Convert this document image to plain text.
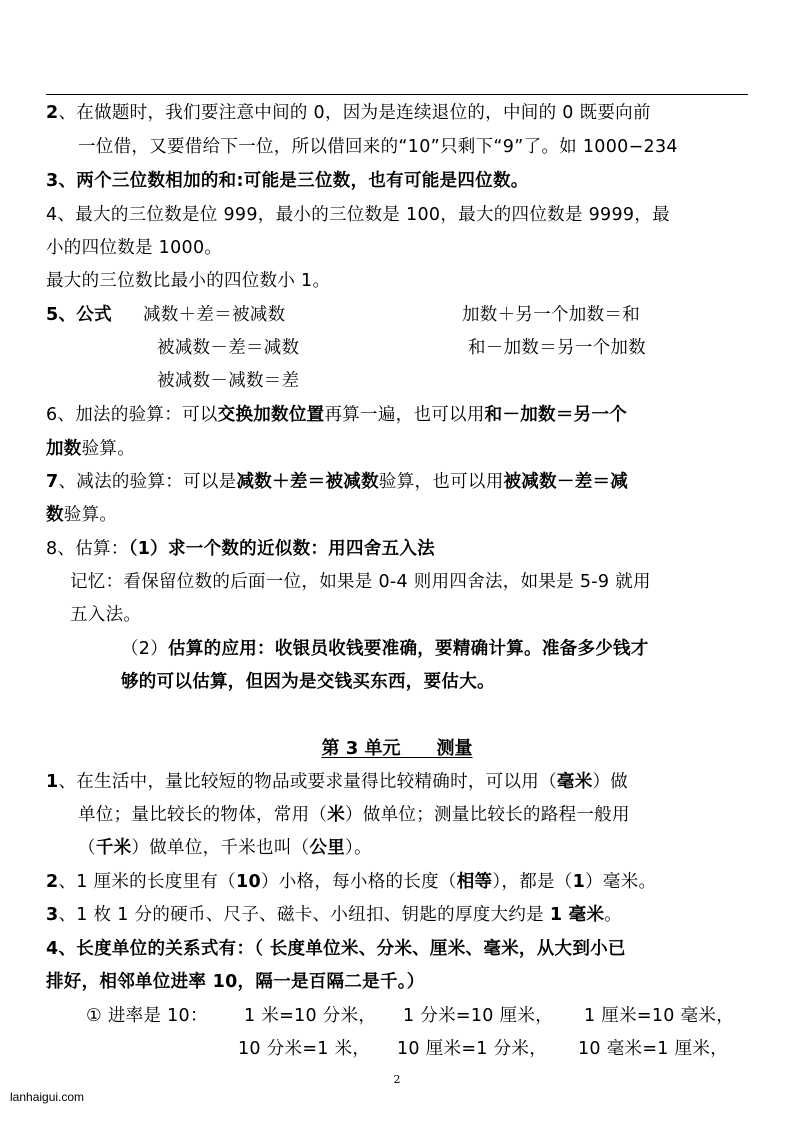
2、在做题时，我们要注意中间的 0，因为是连续退位的，中间的 0 既要向前
一位借，又要借给下一位，所以借回来的“10”只剩下“9”了。如 1000−234
3、两个三位数相加的和:可能是三位数，也有可能是四位数。
4、最大的三位数是位 999，最小的三位数是 100，最大的四位数是 9999，最
小的四位数是 1000。
最大的三位数比最小的四位数小 1。
5、公式 减数＋差＝被减数	加数＋另一个加数＝和
被减数－差＝减数	和－加数＝另一个加数
被减数－减数＝差
6、加法的验算：可以交换加数位置再算一遍，也可以用和－加数＝另一个
加数验算。
7、减法的验算：可以是减数＋差＝被减数验算，也可以用被减数－差＝减
数验算。
8、估算：（1）求一个数的近似数：用四舍五入法
记忆：看保留位数的后面一位，如果是 0-4 则用四舍法，如果是 5-9 就用
五入法。
（2）估算的应用：收银员收钱要准确，要精确计算。准备多少钱才
够的可以估算，但因为是交钱买东西，要估大。
第 3 单元　　测量
1、在生活中，量比较短的物品或要求量得比较精确时，可以用（毫米）做
单位；量比较长的物体，常用（米）做单位；测量比较长的路程一般用
（千米）做单位，千米也叫（公里）。
2、1 厘米的长度里有（10）小格，每小格的长度（相等），都是（1）毫米。
3、1 枚 1 分的硬币、尺子、磁卡、小纽扣、钥匙的厚度大约是 1 毫米。
4、长度单位的关系式有：（ 长度单位米、分米、厘米、毫米，从大到小已
排好，相邻单位进率 10，隔一是百隔二是千。）
① 进率是 10： 1 米=10 分米， 1 分米=10 厘米， 1 厘米=10 毫米，
10 分米=1 米， 10 厘米=1 分米， 10 毫米=1 厘米，
2
lanhaigui.com
